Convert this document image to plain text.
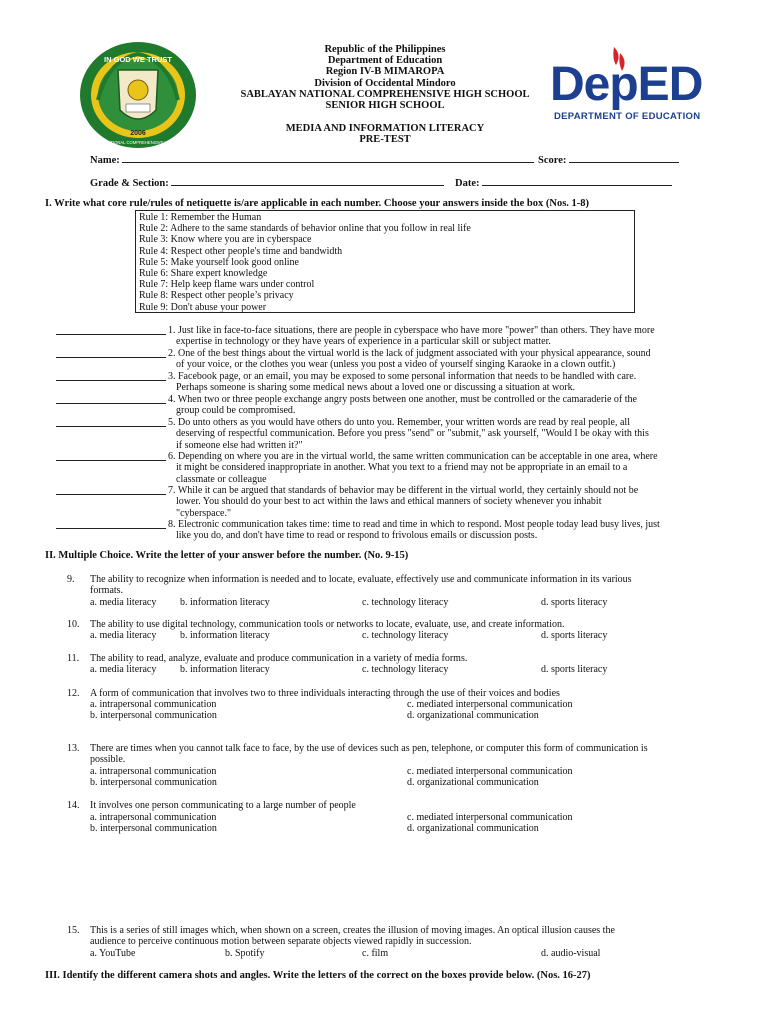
IN GOD WE TRUST
2006
SABLAYAN NATIONAL COMPREHENSIVE HIGH SCHOOL
Republic of the Philippines
Department of Education
Region IV-B MIMAROPA
Division of Occidental Mindoro
SABLAYAN NATIONAL COMPREHENSIVE HIGH SCHOOL
SENIOR HIGH SCHOOL
MEDIA AND INFORMATION LITERACY
PRE-TEST
DepED
DEPARTMENT OF EDUCATION
Name:	Score:
Grade & Section:	Date:
I. Write what core rule/rules of netiquette is/are applicable in each number. Choose your answers inside the box (Nos. 1-8)
Rule 1: Remember the Human
Rule 2: Adhere to the same standards of behavior online that you follow in real life
Rule 3: Know where you are in cyberspace
Rule 4: Respect other people's time and bandwidth
Rule 5: Make yourself look good online
Rule 6: Share expert knowledge
Rule 7: Help keep flame wars under control
Rule 8: Respect other people’s privacy
Rule 9: Don't abuse your power
1. Just like in face-to-face situations, there are people in cyberspace who have more "power" than others. They have more
expertise in technology or they have years of experience in a particular skill or subject matter.
2. One of the best things about the virtual world is the lack of judgment associated with your physical appearance, sound
of your voice, or the clothes you wear (unless you post a video of yourself singing Karaoke in a clown outfit.)
3. Facebook page, or an email, you may be exposed to some personal information that needs to be handled with care.
Perhaps someone is sharing some medical news about a loved one or discussing a situation at work.
4. When two or three people exchange angry posts between one another, must be controlled or the camaraderie of the
group could be compromised.
5. Do unto others as you would have others do unto you. Remember, your written words are read by real people, all
deserving of respectful communication. Before you press "send" or "submit," ask yourself, "Would I be okay with this
if someone else had written it?"
6. Depending on where you are in the virtual world, the same written communication can be acceptable in one area, where
it might be considered inappropriate in another. What you text to a friend may not be appropriate in an email to a
classmate or colleague
7. While it can be argued that standards of behavior may be different in the virtual world, they certainly should not be
lower. You should do your best to act within the laws and ethical manners of society whenever you inhabit
"cyberspace."
8. Electronic communication takes time: time to read and time in which to respond. Most people today lead busy lives, just
like you do, and don't have time to read or respond to frivolous emails or discussion posts.
II. Multiple Choice. Write the letter of your answer before the number. (No. 9-15)
9. The ability to recognize when information is needed and to locate, evaluate, effectively use and communicate information in its various
formats.
a. media literacy b. information literacy	c. technology literacy	d. sports literacy
10. The ability to use digital technology, communication tools or networks to locate, evaluate, use, and create information.
a. media literacy b. information literacy	c. technology literacy	d. sports literacy
11. The ability to read, analyze, evaluate and produce communication in a variety of media forms.
a. media literacy b. information literacy	c. technology literacy	d. sports literacy
12. A form of communication that involves two to three individuals interacting through the use of their voices and bodies
a. intrapersonal communication	c. mediated interpersonal communication
b. interpersonal communication	d. organizational communication
13. There are times when you cannot talk face to face, by the use of devices such as pen, telephone, or computer this form of communication is
possible.
a. intrapersonal communication	c. mediated interpersonal communication
b. interpersonal communication	d. organizational communication
14. It involves one person communicating to a large number of people
a. intrapersonal communication	c. mediated interpersonal communication
b. interpersonal communication	d. organizational communication
15. This is a series of still images which, when shown on a screen, creates the illusion of moving images. An optical illusion causes the
audience to perceive continuous motion between separate objects viewed rapidly in succession.
a. YouTube	b. Spotify	c. film	d. audio-visual
III. Identify the different camera shots and angles. Write the letters of the correct on the boxes provide below. (Nos. 16-27)
